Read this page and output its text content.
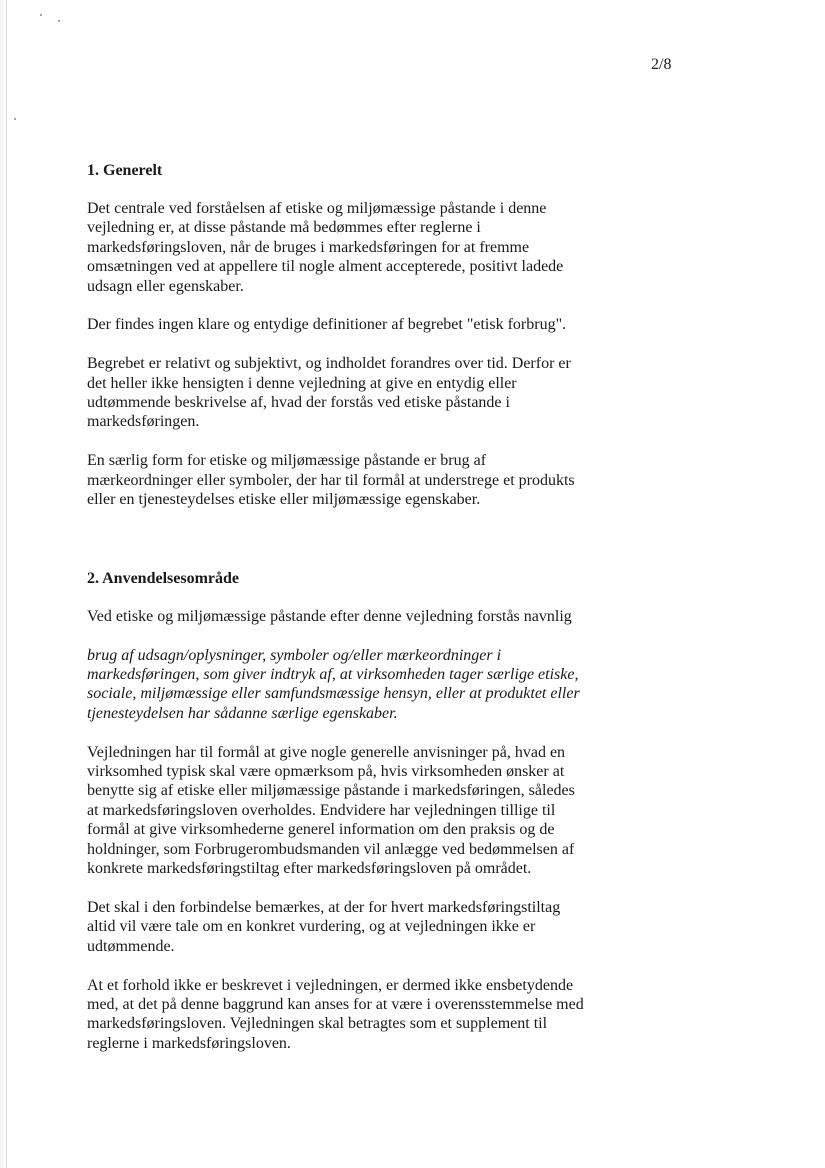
2/8
1. Generelt

Det centrale ved forståelsen af etiske og miljømæssige påstande i denne vejledning er, at disse påstande må bedømmes efter reglerne i markedsføringsloven, når de bruges i markedsføringen for at fremme omsætningen ved at appellere til nogle alment accepterede, positivt ladede udsagn eller egenskaber.

Der findes ingen klare og entydige definitioner af begrebet "etisk forbrug".

Begrebet er relativt og subjektivt, og indholdet forandres over tid. Derfor er det heller ikke hensigten i denne vejledning at give en entydig eller udtømmende beskrivelse af, hvad der forstås ved etiske påstande i markedsføringen.

En særlig form for etiske og miljømæssige påstande er brug af mærkeordninger eller symboler, der har til formål at understrege et produkts eller en tjenesteydelses etiske eller miljømæssige egenskaber.

2. Anvendelsesområde

Ved etiske og miljømæssige påstande efter denne vejledning forstås navnlig

brug af udsagn/oplysninger, symboler og/eller mærkeordninger i markedsføringen, som giver indtryk af, at virksomheden tager særlige etiske, sociale, miljømæssige eller samfundsmæssige hensyn, eller at produktet eller tjenesteydelsen har sådanne særlige egenskaber.

Vejledningen har til formål at give nogle generelle anvisninger på, hvad en virksomhed typisk skal være opmærksom på, hvis virksomheden ønsker at benytte sig af etiske eller miljømæssige påstande i markedsføringen, således at markedsføringsloven overholdes. Endvidere har vejledningen tillige til formål at give virksomhederne generel information om den praksis og de holdninger, som Forbrugerombudsmanden vil anlægge ved bedømmelsen af konkrete markedsføringstiltag efter markedsføringsloven på området.

Det skal i den forbindelse bemærkes, at der for hvert markedsføringstiltag altid vil være tale om en konkret vurdering, og at vejledningen ikke er udtømmende.

At et forhold ikke er beskrevet i vejledningen, er dermed ikke ensbetydende med, at det på denne baggrund kan anses for at være i overensstemmelse med markedsføringsloven. Vejledningen skal betragtes som et supplement til reglerne i markedsføringsloven.
